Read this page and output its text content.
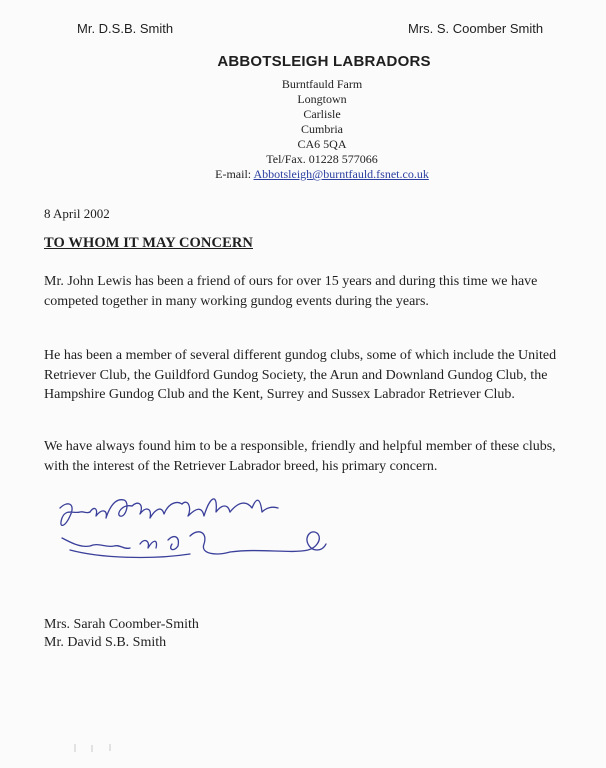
Mr. D.S.B. Smith	Mrs. S. Coomber Smith
ABBOTSLEIGH LABRADORS
Burntfauld Farm
Longtown
Carlisle
Cumbria
CA6 5QA
Tel/Fax. 01228 577066
E-mail: Abbotsleigh@burntfauld.fsnet.co.uk
8 April 2002
TO WHOM IT MAY CONCERN
Mr. John Lewis has been a friend of ours for over 15 years and during this time we have competed together in many working gundog events during the years.
He has been a member of several different gundog clubs, some of which include the United Retriever Club, the Guildford Gundog Society, the Arun and Downland Gundog Club, the Hampshire Gundog Club and the Kent, Surrey and Sussex Labrador Retriever Club.
We have always found him to be a responsible, friendly and helpful member of these clubs, with the interest of the Retriever Labrador breed, his primary concern.
Mrs. Sarah Coomber-Smith
Mr. David S.B. Smith
